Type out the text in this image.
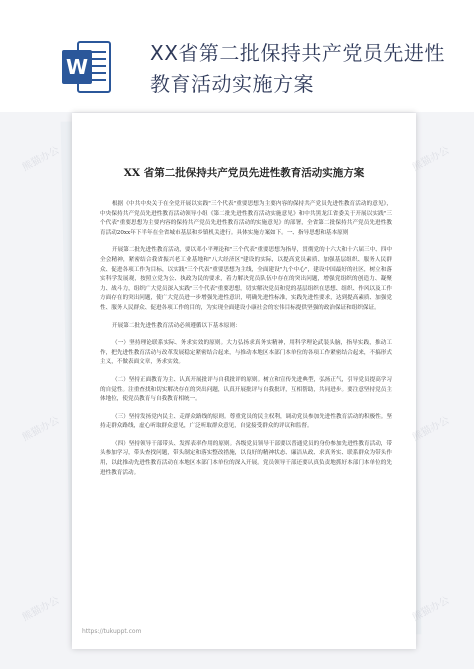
W
XX省第二批保持共产党员先进性教育活动实施方案
XX 省第二批保持共产党员先进性教育活动实施方案

根据《中共中央关于在全党开展以实践"三个代表"重要思想为主要内容的保持共产党员先进性教育活动的意见》，中央保持共产党员先进性教育活动领导小组《第二批先进性教育活动实施意见》和中共黑龙江省委关于开展以实践"三个代表"重要思想为主要内容的保持共产党员先进性教育活动的实施意见》的部署，全省第二批保持共产党员先进性教育活动20xx年下半年在全省城市基层和乡镇机关进行。具体实施方案如下。一、指导思想和基本原则

开展第二批先进性教育活动，要以邓小平理论和"三个代表"重要思想为指导，贯彻党的十六大和十六届三中、四中全会精神，紧密结合我省振兴老工业基地和"八大经济区"建设的实际，以提高党员素质、加强基层组织、服务人民群众、促进各项工作为目标，以实践"三个代表"重要思想为主线，全面建设"九个中心"，建设中国最好的社区，树立和落实科学发展观，按照立党为公、执政为民的要求，着力解决党员队伍中存在的突出问题，增强党组织的创造力、凝聚力、战斗力，组织广大党员深入实践"三个代表"重要思想，切实解决党员和党的基层组织在思想、组织、作风以及工作方面存在的突出问题，使广大党员进一步增强先进性意识，明确先进性标准，实践先进性要求，达到提高素质、加强党性、服务人民群众、促进各项工作的目的，为实现全面建设小康社会的宏伟目标提供坚强的政治保证和组织保证。

开展第二批先进性教育活动必须遵循以下基本原则：

（一）坚持理论联系实际、务求实效的原则。大力弘扬求真务实精神，用科学理论武装头脑，指导实践，推动工作，把先进性教育活动与改革发展稳定紧密结合起来，与推动本地区本部门本单位的各项工作紧密结合起来，不搞形式主义，不做表面文章，务求实效。

（二）坚持正面教育为主、认真开展批评与自我批评的原则。树立和宣传先进典型，弘扬正气，引导党员提高学习的自觉性。注重查找和切实解决存在的突出问题，认真开展批评与自我批评，互相帮助，共同进步。要注意坚持党员主体地位，使党员教育与自我教育相统一。

（三）坚持发扬党内民主、走群众路线的原则。尊重党员的民主权利，调动党员参加先进性教育活动的积极性。坚持走群众路线，虚心听取群众意见，广泛听取群众意见，自觉接受群众的评议和监督。

（四）坚持领导干部带头、发挥表率作用的原则。各级党员领导干部要以普通党员的身份参加先进性教育活动，带头参加学习，带头查找问题，带头制定和落实整改措施，以良好的精神状态、廉洁从政、求真务实、联系群众为带头作用，以此推动先进性教育活动在本地区本部门本单位的深入开展。党员领导干部还要认真负责地抓好本部门本单位的先进性教育活动。

https://tukuppt.com
熊猫办公	熊猫办公
熊猫办公	熊猫办公
熊猫办公	熊猫办公
